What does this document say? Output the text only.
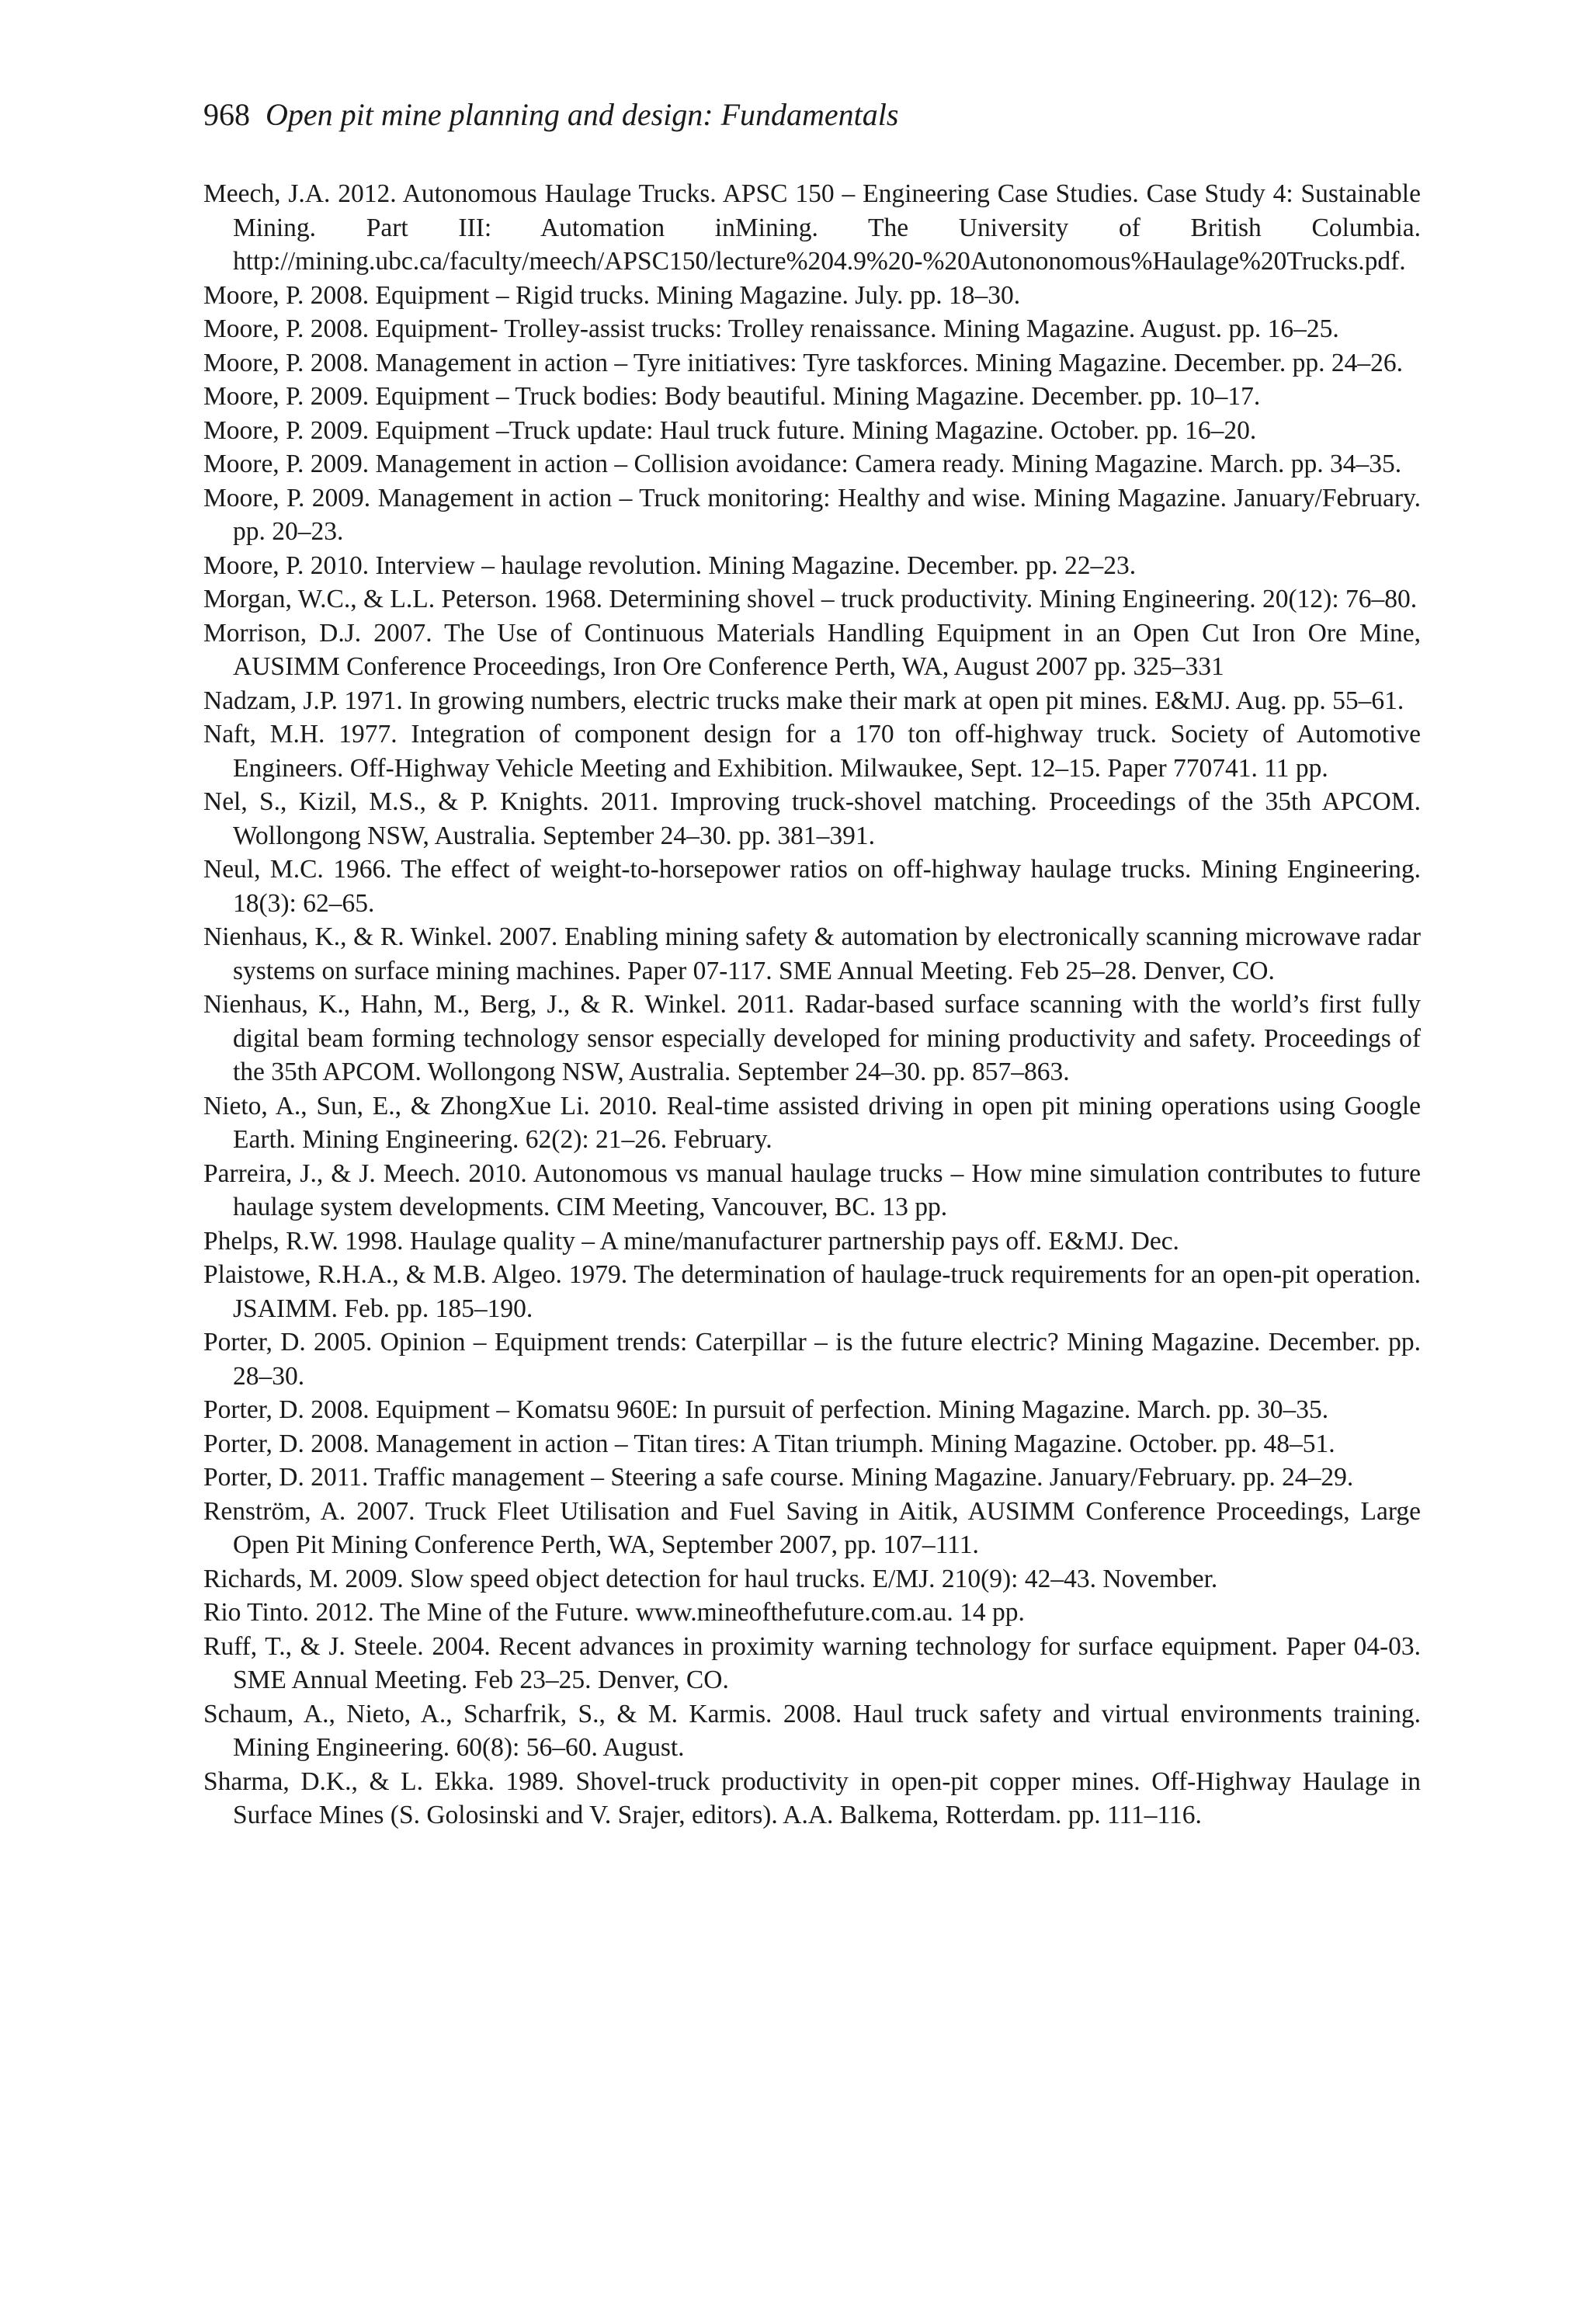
968 Open pit mine planning and design: Fundamentals
Meech, J.A. 2012. Autonomous Haulage Trucks. APSC 150 – Engineering Case Studies. Case Study 4: Sustainable Mining. Part III: Automation inMining. The University of British Columbia. http://mining.ubc.ca/faculty/meech/APSC150/lecture%204.9%20-%20Autononomous%Haulage%20Trucks.pdf.
Moore, P. 2008. Equipment – Rigid trucks. Mining Magazine. July. pp. 18–30.
Moore, P. 2008. Equipment- Trolley-assist trucks: Trolley renaissance. Mining Magazine. August. pp. 16–25.
Moore, P. 2008. Management in action – Tyre initiatives: Tyre taskforces. Mining Magazine. December. pp. 24–26.
Moore, P. 2009. Equipment – Truck bodies: Body beautiful. Mining Magazine. December. pp. 10–17.
Moore, P. 2009. Equipment –Truck update: Haul truck future. Mining Magazine. October. pp. 16–20.
Moore, P. 2009. Management in action – Collision avoidance: Camera ready. Mining Magazine. March. pp. 34–35.
Moore, P. 2009. Management in action – Truck monitoring: Healthy and wise. Mining Magazine. January/February. pp. 20–23.
Moore, P. 2010. Interview – haulage revolution. Mining Magazine. December. pp. 22–23.
Morgan, W.C., & L.L. Peterson. 1968. Determining shovel – truck productivity. Mining Engineering. 20(12): 76–80.
Morrison, D.J. 2007. The Use of Continuous Materials Handling Equipment in an Open Cut Iron Ore Mine, AUSIMM Conference Proceedings, Iron Ore Conference Perth, WA, August 2007 pp. 325–331
Nadzam, J.P. 1971. In growing numbers, electric trucks make their mark at open pit mines. E&MJ. Aug. pp. 55–61.
Naft, M.H. 1977. Integration of component design for a 170 ton off-highway truck. Society of Automotive Engineers. Off-Highway Vehicle Meeting and Exhibition. Milwaukee, Sept. 12–15. Paper 770741. 11 pp.
Nel, S., Kizil, M.S., & P. Knights. 2011. Improving truck-shovel matching. Proceedings of the 35th APCOM. Wollongong NSW, Australia. September 24–30. pp. 381–391.
Neul, M.C. 1966. The effect of weight-to-horsepower ratios on off-highway haulage trucks. Mining Engineering. 18(3): 62–65.
Nienhaus, K., & R. Winkel. 2007. Enabling mining safety & automation by electronically scanning microwave radar systems on surface mining machines. Paper 07-117. SME Annual Meeting. Feb 25–28. Denver, CO.
Nienhaus, K., Hahn, M., Berg, J., & R. Winkel. 2011. Radar-based surface scanning with the world’s first fully digital beam forming technology sensor especially developed for mining productivity and safety. Proceedings of the 35th APCOM. Wollongong NSW, Australia. September 24–30. pp. 857–863.
Nieto, A., Sun, E., & ZhongXue Li. 2010. Real-time assisted driving in open pit mining operations using Google Earth. Mining Engineering. 62(2): 21–26. February.
Parreira, J., & J. Meech. 2010. Autonomous vs manual haulage trucks – How mine simulation contributes to future haulage system developments. CIM Meeting, Vancouver, BC. 13 pp.
Phelps, R.W. 1998. Haulage quality – A mine/manufacturer partnership pays off. E&MJ. Dec.
Plaistowe, R.H.A., & M.B. Algeo. 1979. The determination of haulage-truck requirements for an open-pit operation. JSAIMM. Feb. pp. 185–190.
Porter, D. 2005. Opinion – Equipment trends: Caterpillar – is the future electric? Mining Magazine. December. pp. 28–30.
Porter, D. 2008. Equipment – Komatsu 960E: In pursuit of perfection. Mining Magazine. March. pp. 30–35.
Porter, D. 2008. Management in action – Titan tires: A Titan triumph. Mining Magazine. October. pp. 48–51.
Porter, D. 2011. Traffic management – Steering a safe course. Mining Magazine. January/February. pp. 24–29.
Renström, A. 2007. Truck Fleet Utilisation and Fuel Saving in Aitik, AUSIMM Conference Proceedings, Large Open Pit Mining Conference Perth, WA, September 2007, pp. 107–111.
Richards, M. 2009. Slow speed object detection for haul trucks. E/MJ. 210(9): 42–43. November.
Rio Tinto. 2012. The Mine of the Future. www.mineofthefuture.com.au. 14 pp.
Ruff, T., & J. Steele. 2004. Recent advances in proximity warning technology for surface equipment. Paper 04-03. SME Annual Meeting. Feb 23–25. Denver, CO.
Schaum, A., Nieto, A., Scharfrik, S., & M. Karmis. 2008. Haul truck safety and virtual environments training. Mining Engineering. 60(8): 56–60. August.
Sharma, D.K., & L. Ekka. 1989. Shovel-truck productivity in open-pit copper mines. Off-Highway Haulage in Surface Mines (S. Golosinski and V. Srajer, editors). A.A. Balkema, Rotterdam. pp. 111–116.
